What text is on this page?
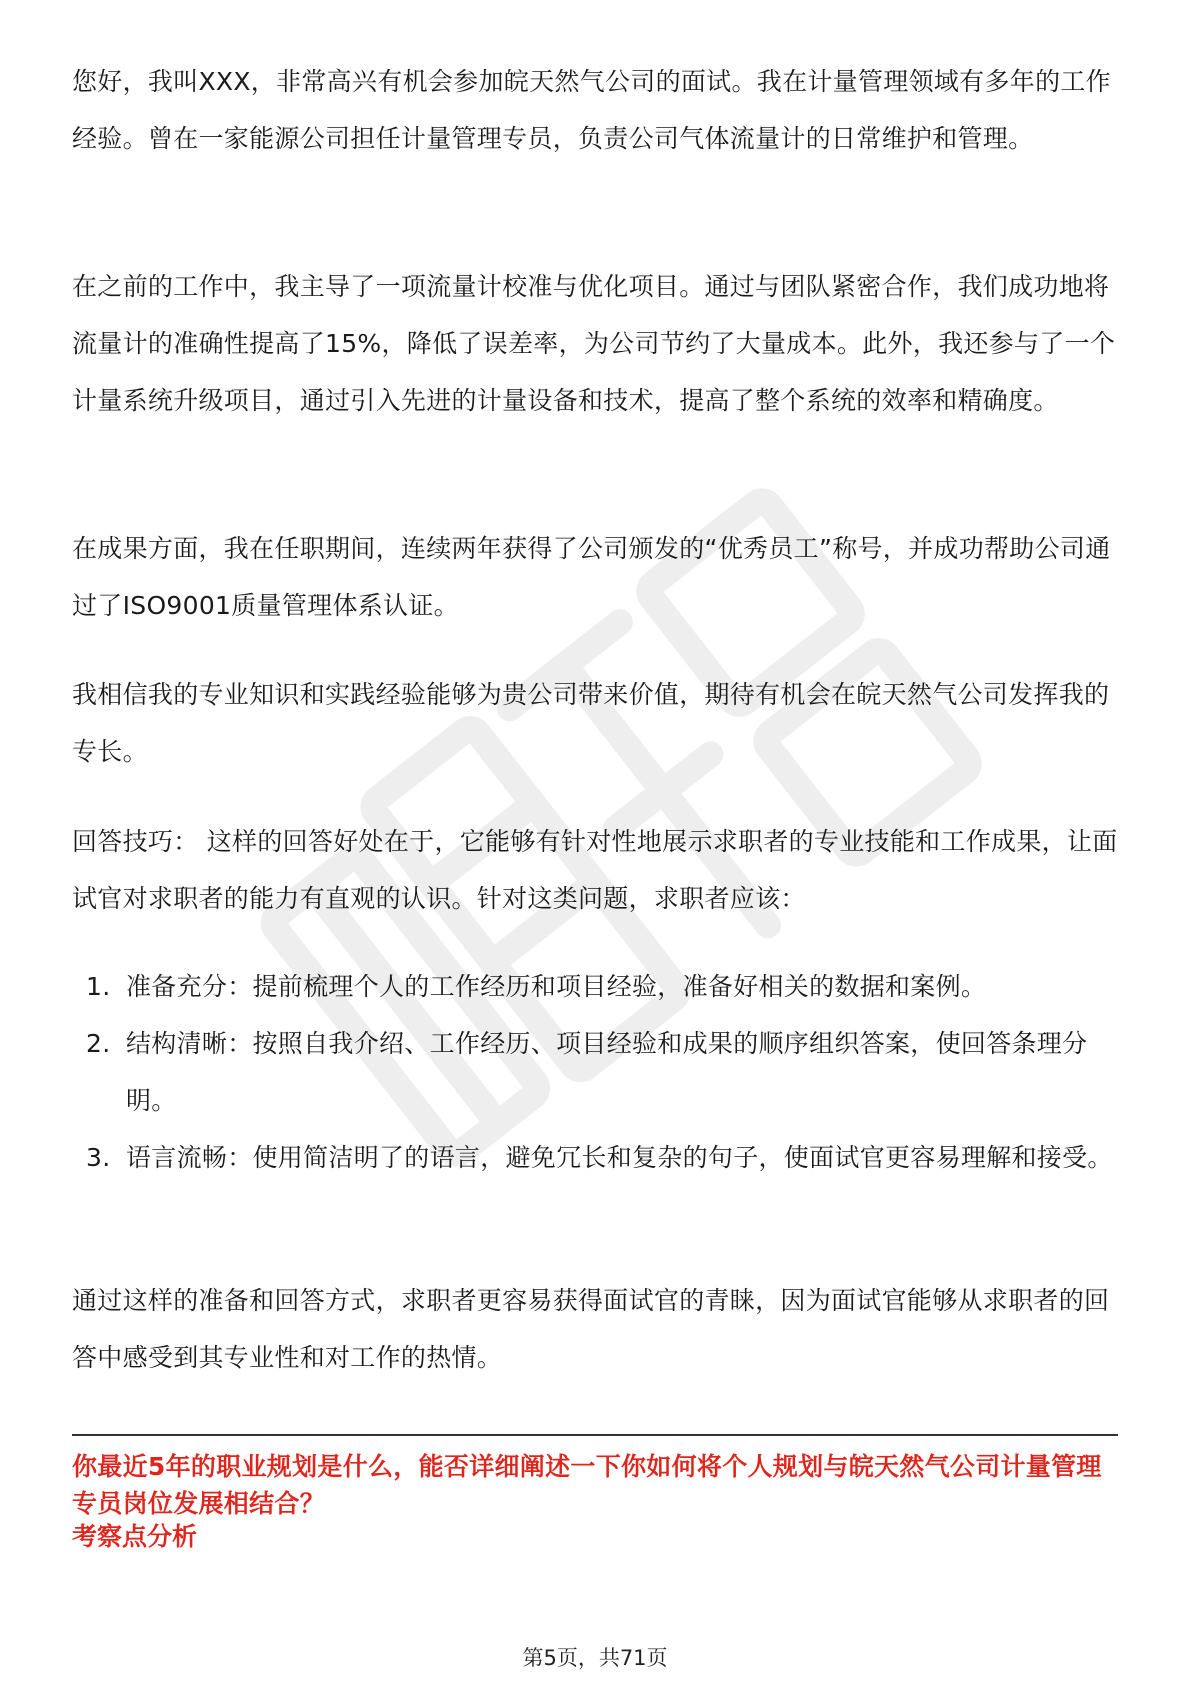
您好，我叫XXX，非常高兴有机会参加皖天然气公司的面试。我在计量管理领域有多年的工作经验。曾在一家能源公司担任计量管理专员，负责公司气体流量计的日常维护和管理。

在之前的工作中，我主导了一项流量计校准与优化项目。通过与团队紧密合作，我们成功地将流量计的准确性提高了15%，降低了误差率，为公司节约了大量成本。此外，我还参与了一个计量系统升级项目，通过引入先进的计量设备和技术，提高了整个系统的效率和精确度。

在成果方面，我在任职期间，连续两年获得了公司颁发的“优秀员工”称号，并成功帮助公司通过了ISO9001质量管理体系认证。

我相信我的专业知识和实践经验能够为贵公司带来价值，期待有机会在皖天然气公司发挥我的专长。

回答技巧： 这样的回答好处在于，它能够有针对性地展示求职者的专业技能和工作成果，让面试官对求职者的能力有直观的认识。针对这类问题，求职者应该：

1. 准备充分：提前梳理个人的工作经历和项目经验，准备好相关的数据和案例。
2. 结构清晰：按照自我介绍、工作经历、项目经验和成果的顺序组织答案，使回答条理分明。
3. 语言流畅：使用简洁明了的语言，避免冗长和复杂的句子，使面试官更容易理解和接受。

通过这样的准备和回答方式，求职者更容易获得面试官的青睐，因为面试官能够从求职者的回答中感受到其专业性和对工作的热情。

你最近5年的职业规划是什么，能否详细阐述一下你如何将个人规划与皖天然气公司计量管理专员岗位发展相结合？
考察点分析
第5页，共71页
